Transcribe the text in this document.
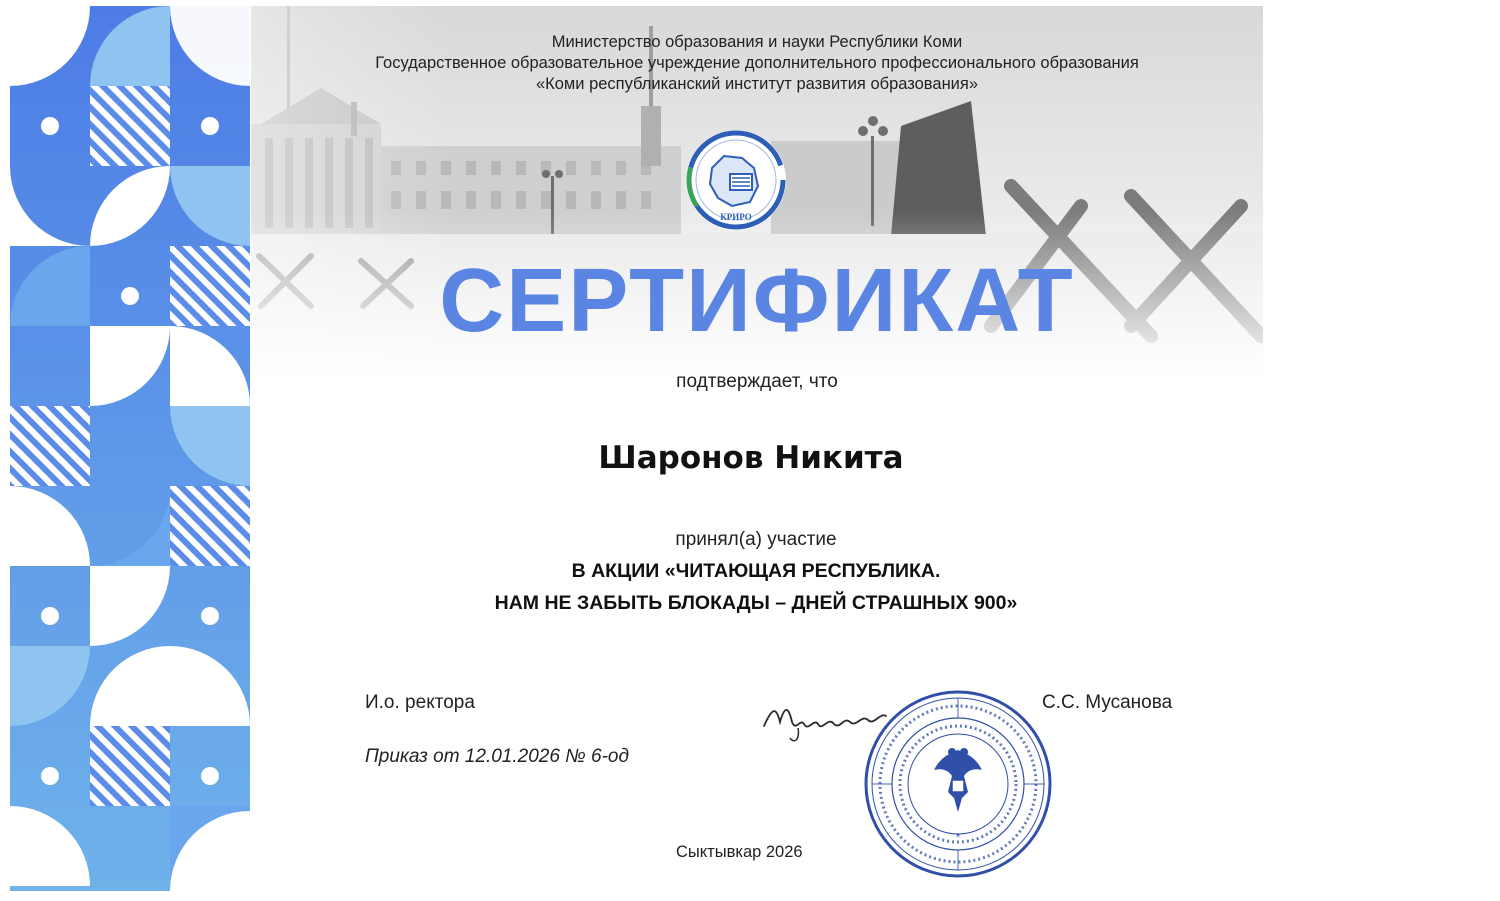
Министерство образования и науки Республики Коми
Государственное образовательное учреждение дополнительного профессионального образования
«Коми республиканский институт развития образования»
КРИРО
СЕРТИФИКАТ
подтверждает, что
Шаронов Никита
принял(а) участие
В АКЦИИ «ЧИТАЮЩАЯ РЕСПУБЛИКА.
НАМ НЕ ЗАБЫТЬ БЛОКАДЫ – ДНЕЙ СТРАШНЫХ 900»
И.о. ректора	С.С. Мусанова
Приказ от 12.01.2026 № 6-од
Сыктывкар 2026
*
